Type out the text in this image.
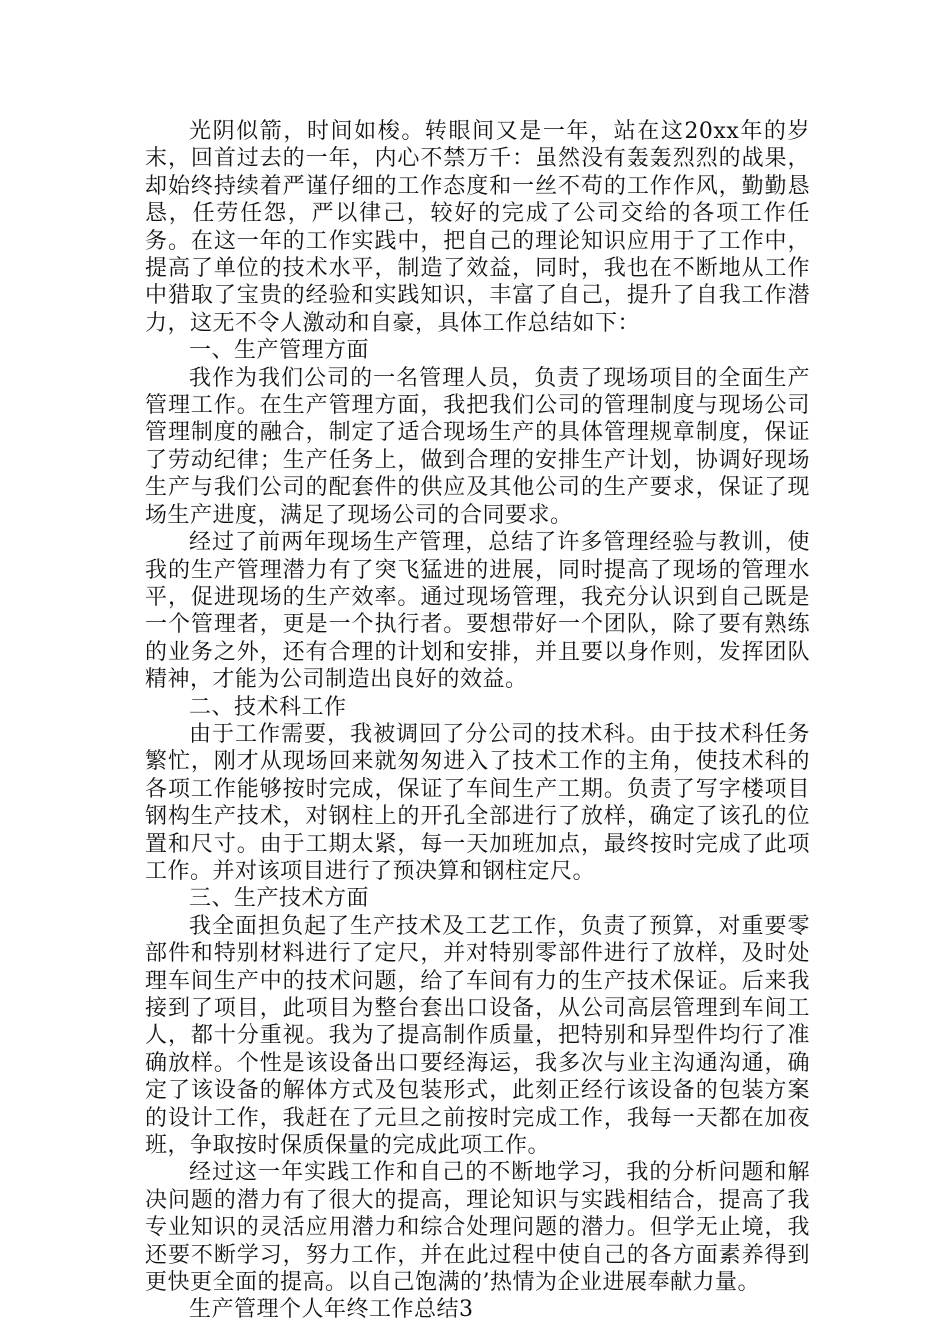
光阴似箭，时间如梭。转眼间又是一年，站在这20xx年的岁末，回首过去的一年，内心不禁万千：虽然没有轰轰烈烈的战果，却始终持续着严谨仔细的工作态度和一丝不苟的工作作风，勤勤恳恳，任劳任怨，严以律己，较好的完成了公司交给的各项工作任务。在这一年的工作实践中，把自己的理论知识应用于了工作中，提高了单位的技术水平，制造了效益，同时，我也在不断地从工作中猎取了宝贵的经验和实践知识，丰富了自己，提升了自我工作潜力，这无不令人激动和自豪，具体工作总结如下：

一、生产管理方面

我作为我们公司的一名管理人员，负责了现场项目的全面生产管理工作。在生产管理方面，我把我们公司的管理制度与现场公司管理制度的融合，制定了适合现场生产的具体管理规章制度，保证了劳动纪律；生产任务上，做到合理的安排生产计划，协调好现场生产与我们公司的配套件的供应及其他公司的生产要求，保证了现场生产进度，满足了现场公司的合同要求。

经过了前两年现场生产管理，总结了许多管理经验与教训，使我的生产管理潜力有了突飞猛进的进展，同时提高了现场的管理水平，促进现场的生产效率。通过现场管理，我充分认识到自己既是一个管理者，更是一个执行者。要想带好一个团队，除了要有熟练的业务之外，还有合理的计划和安排，并且要以身作则，发挥团队精神，才能为公司制造出良好的效益。

二、技术科工作

由于工作需要，我被调回了分公司的技术科。由于技术科任务繁忙，刚才从现场回来就匆匆进入了技术工作的主角，使技术科的各项工作能够按时完成，保证了车间生产工期。负责了写字楼项目钢构生产技术，对钢柱上的开孔全部进行了放样，确定了该孔的位置和尺寸。由于工期太紧，每一天加班加点，最终按时完成了此项工作。并对该项目进行了预决算和钢柱定尺。

三、生产技术方面

我全面担负起了生产技术及工艺工作，负责了预算，对重要零部件和特别材料进行了定尺，并对特别零部件进行了放样，及时处理车间生产中的技术问题，给了车间有力的生产技术保证。后来我接到了项目，此项目为整台套出口设备，从公司高层管理到车间工人，都十分重视。我为了提高制作质量，把特别和异型件均行了准确放样。个性是该设备出口要经海运，我多次与业主沟通沟通，确定了该设备的解体方式及包装形式，此刻正经行该设备的包装方案的设计工作，我赶在了元旦之前按时完成工作，我每一天都在加夜班，争取按时保质保量的完成此项工作。

经过这一年实践工作和自己的不断地学习，我的分析问题和解决问题的潜力有了很大的提高，理论知识与实践相结合，提高了我专业知识的灵活应用潜力和综合处理问题的潜力。但学无止境，我还要不断学习，努力工作，并在此过程中使自己的各方面素养得到更快更全面的提高。以自己饱满的’热情为企业进展奉献力量。

生产管理个人年终工作总结3
